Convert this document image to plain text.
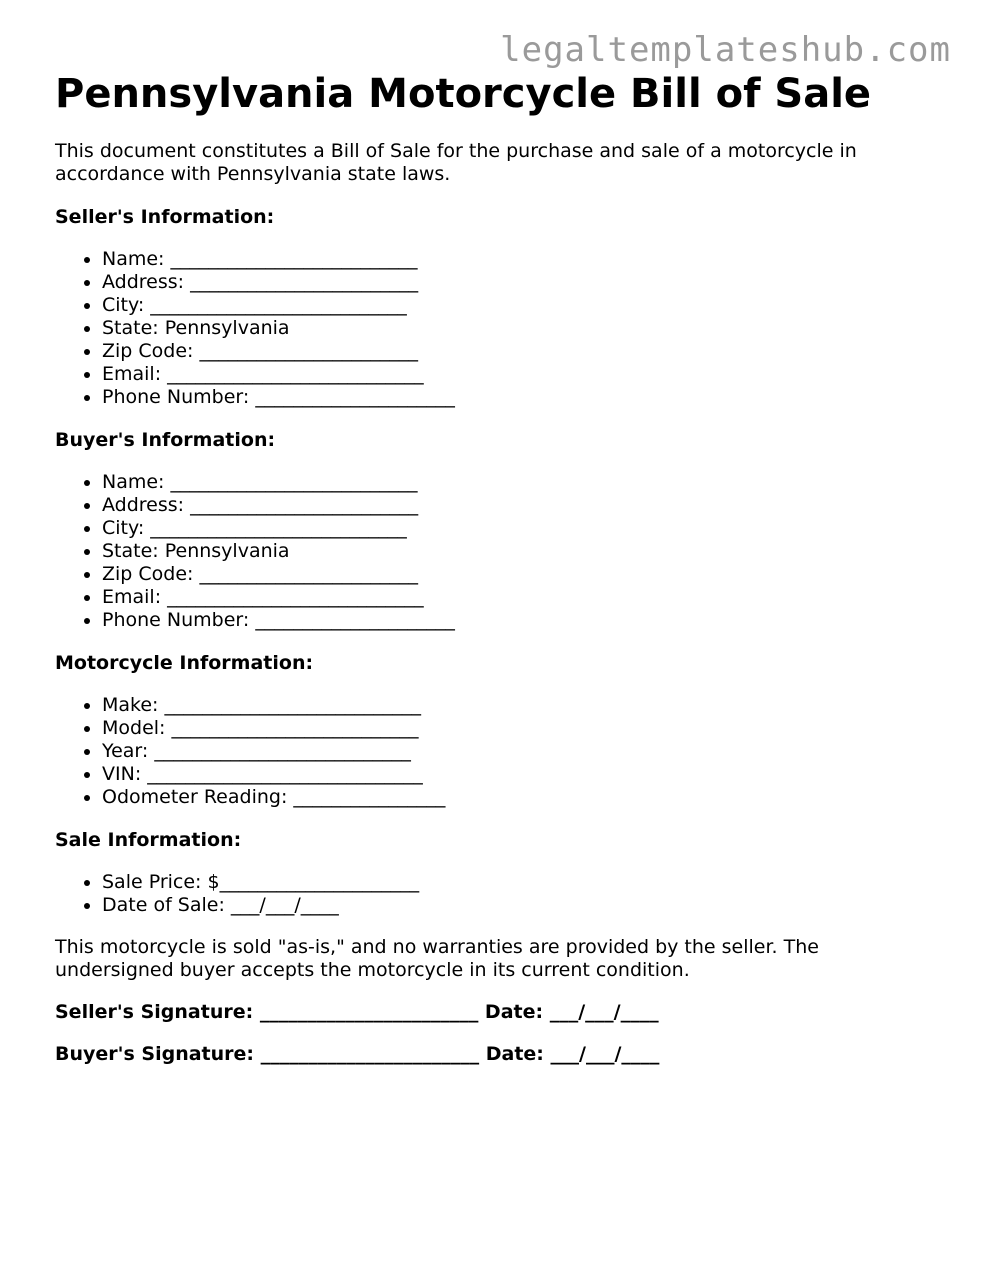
legaltemplateshub.com
Pennsylvania Motorcycle Bill of Sale

This document constitutes a Bill of Sale for the purchase and sale of a motorcycle in accordance with Pennsylvania state laws.

Seller's Information:
• Name: __________________________
• Address: ________________________
• City: ___________________________
• State: Pennsylvania
• Zip Code: _______________________
• Email: ___________________________
• Phone Number: _____________________
Buyer's Information:
• Name: __________________________
• Address: ________________________
• City: ___________________________
• State: Pennsylvania
• Zip Code: _______________________
• Email: ___________________________
• Phone Number: _____________________
Motorcycle Information:
• Make: ___________________________
• Model: __________________________
• Year: ___________________________
• VIN: _____________________________
• Odometer Reading: ________________
Sale Information:
• Sale Price: $_____________________
• Date of Sale: ___/___/____

This motorcycle is sold "as-is," and no warranties are provided by the seller. The undersigned buyer accepts the motorcycle in its current condition.

Seller's Signature: _______________________ Date: ___/___/____
Buyer's Signature: _______________________ Date: ___/___/____
